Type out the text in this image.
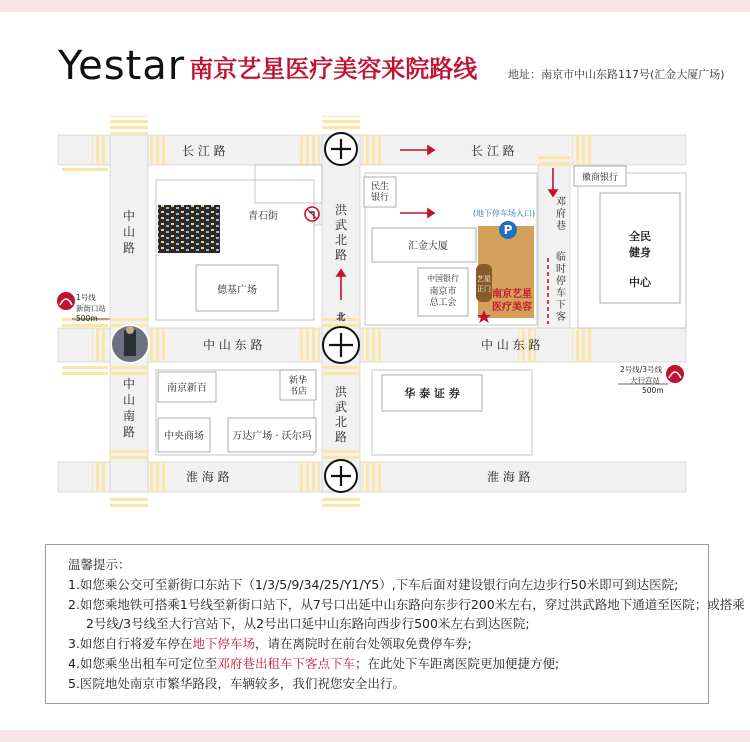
Yestar 南京艺星医疗美容来院路线	地址：南京市中山东路117号(汇金大厦广场)
P
长 江 路	长 江 路
中 山 东 路	中 山 东 路
淮 海 路	淮 海 路
中
山
路
中
山
南
路
洪
武
北
路
洪
武
北
路
青石街
邓
府
巷
临
时
停
车
下
客
德基广场
民生
银行
徽商银行
汇金大厦
中国银行
南京市
总工会
艺星
正门 南京艺星
医疗美容
全民
健身
中心
南京新百
新华
书店
中央商场	万达广场 · 沃尔玛
华 泰 证 券
(地下停车场入口)
北
1号线
新街口站
500m
2号线/3号线
大行宫站
500m

温馨提示：

1.如您乘公交可至新街口东站下（1/3/5/9/34/25/Y1/Y5）,下车后面对建设银行向左边步行50米即可到达医院;

2.如您乘地铁可搭乘1号线至新街口站下，从7号口出延中山东路向东步行200米左右，穿过洪武路地下通道至医院；或搭乘

2号线/3号线至大行宫站下，从2号出口延中山东路向西步行500米左右到达医院;

3.如您自行将爱车停在地下停车场，请在离院时在前台处领取免费停车券;

4.如您乘坐出租车可定位至邓府巷出租车下客点下车；在此处下车距离医院更加便捷方便;

5.医院地处南京市繁华路段，车辆较多，我们祝您安全出行。
